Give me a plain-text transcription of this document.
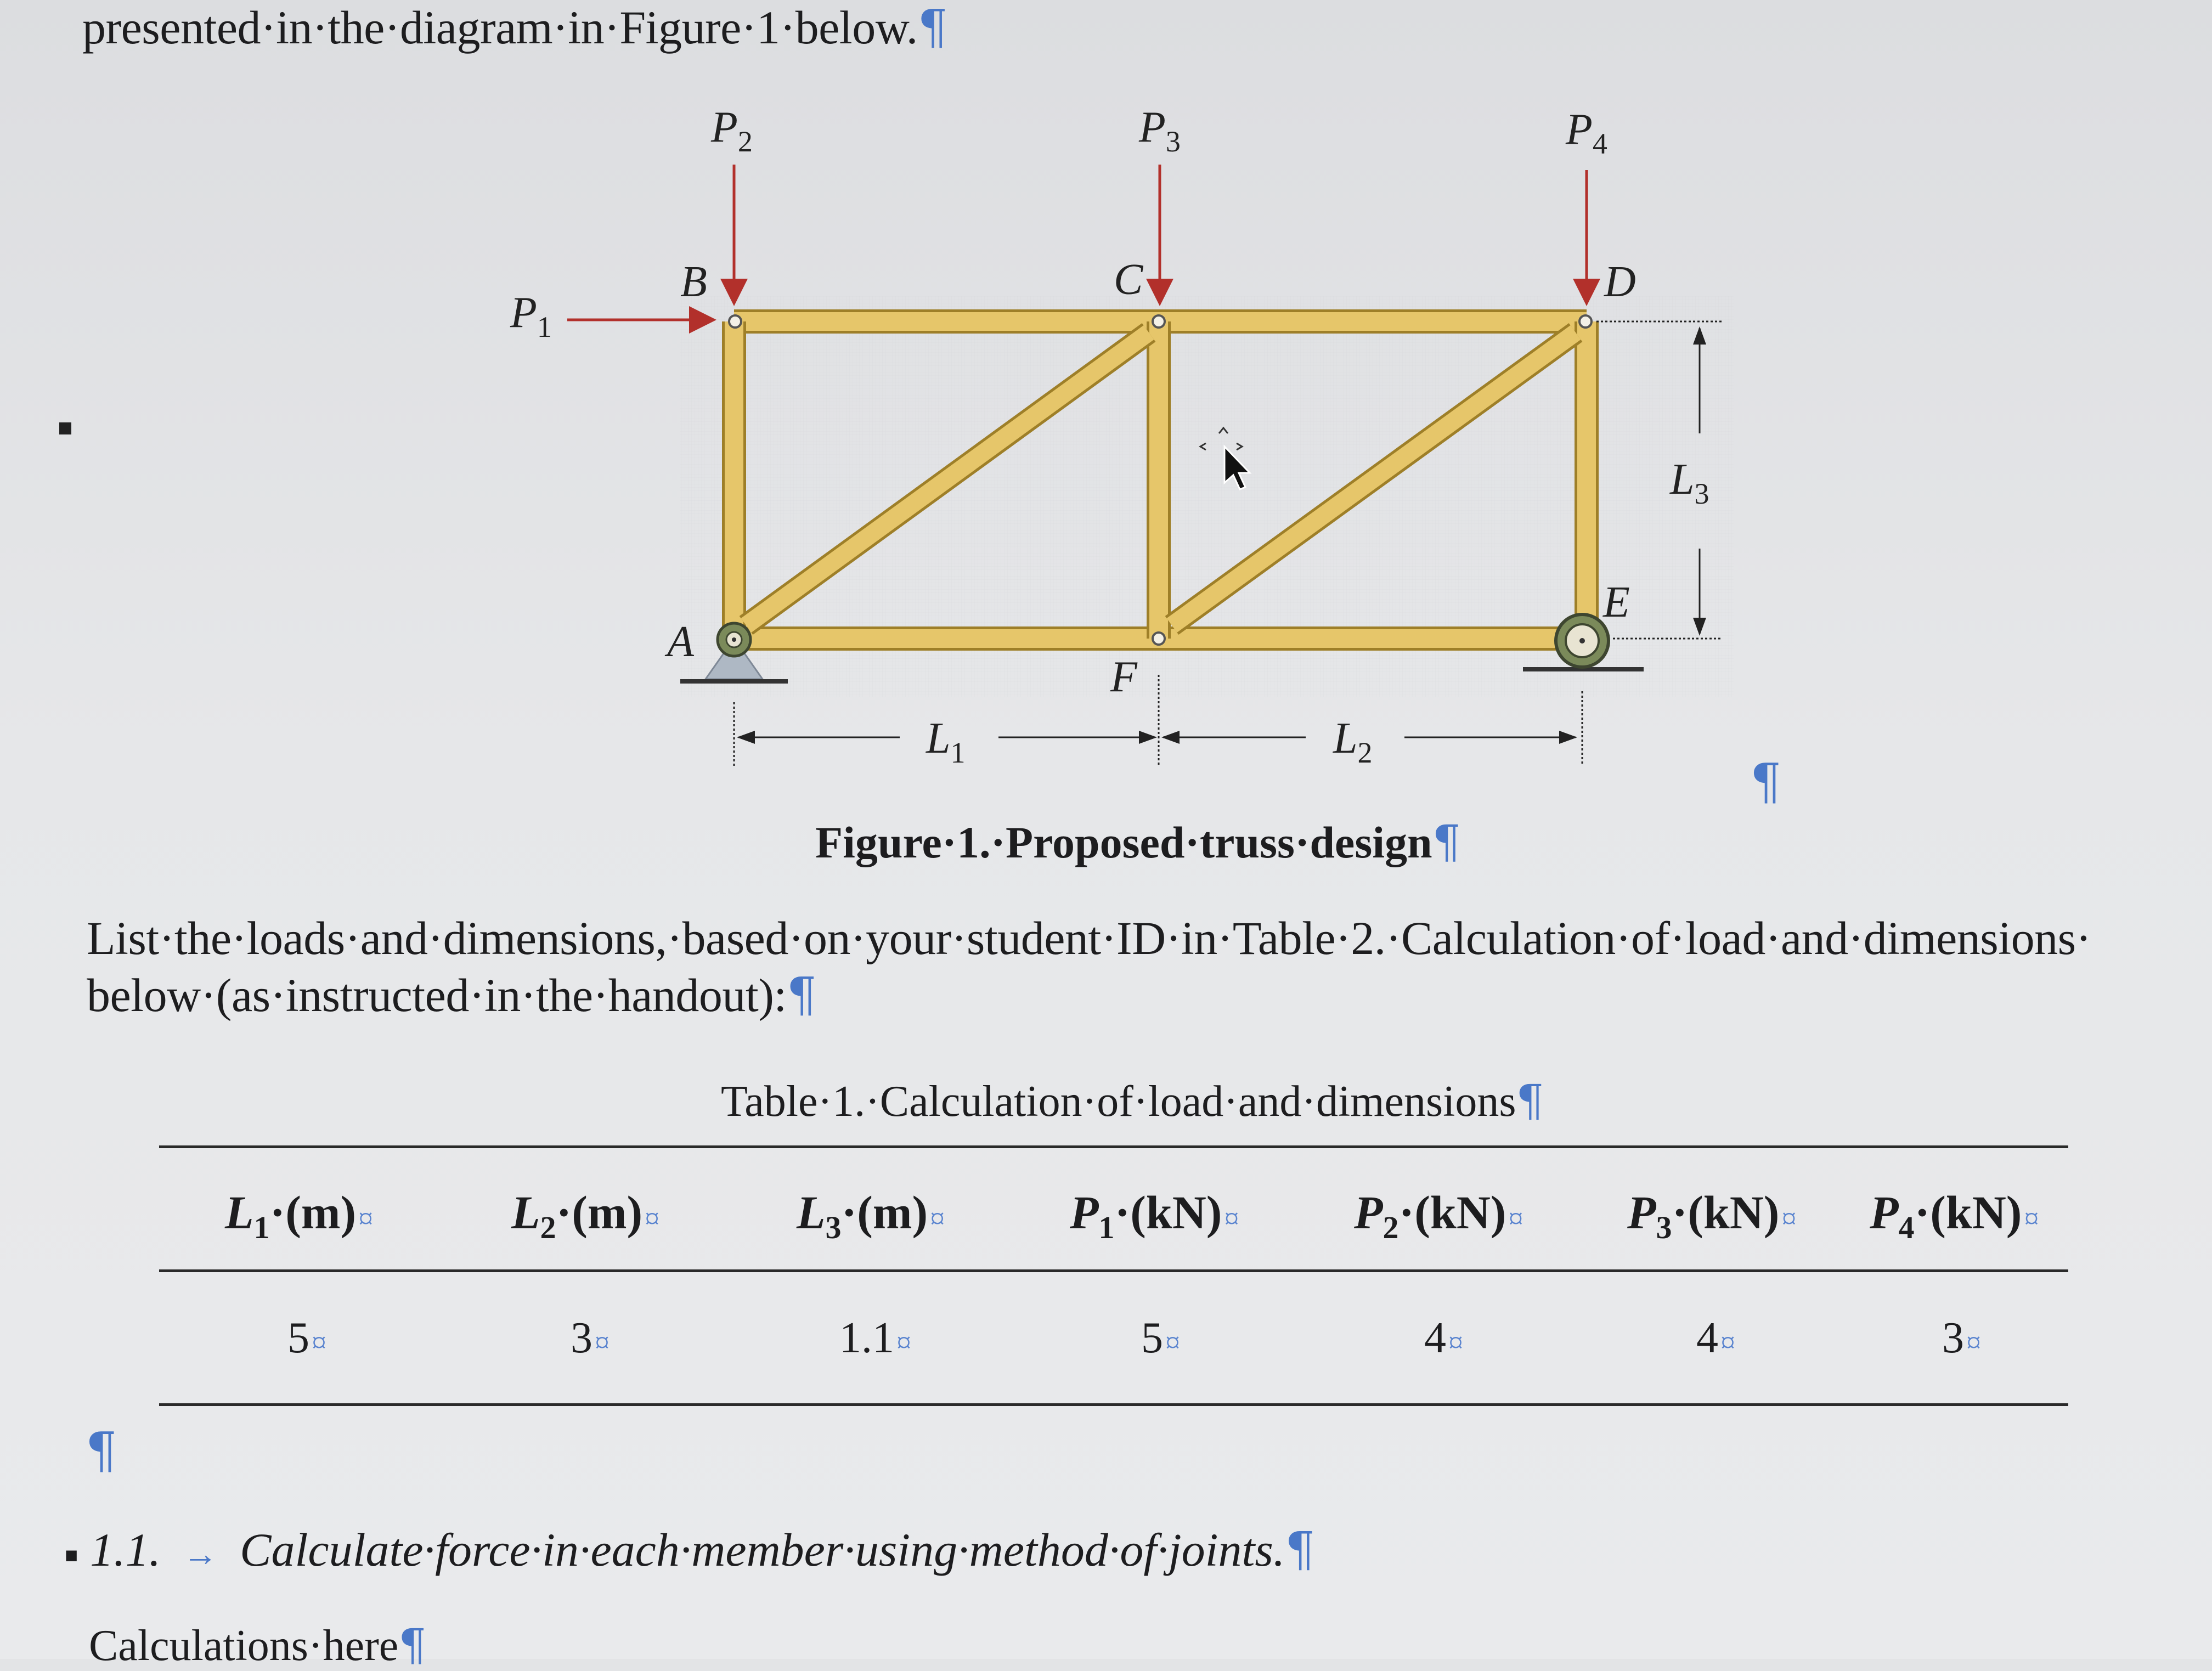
presented·in·the·diagram·in·Figure·1·below.¶
$P_1$
$P_2$	$P_3$	$P_4$
B	C	D
A
E
F
$L_1$	$L_2$
$L_3$
¶
Figure·1.·Proposed·truss·design¶
List·the·loads·and·dimensions,·based·on·your·student·ID·in·Table·2.·Calculation·of·load·and·dimensions·
below·(as·instructed·in·the·handout):¶
Table·1.·Calculation·of·load·and·dimensions¶
$L_1\cdot(m)¤$	$L_2\cdot(m)¤$	$L_3\cdot(m)¤$	$P_1\cdot(kN)¤$ $P_2\cdot(kN)¤$ $P_3\cdot(kN)¤$ $P_4\cdot(kN)¤$
5¤	3¤	1.1¤	5¤	4¤	4¤	3¤
¶
■ 1.1. → Calculate·force·in·each·member·using·method·of·joints.¶
Calculations·here¶
